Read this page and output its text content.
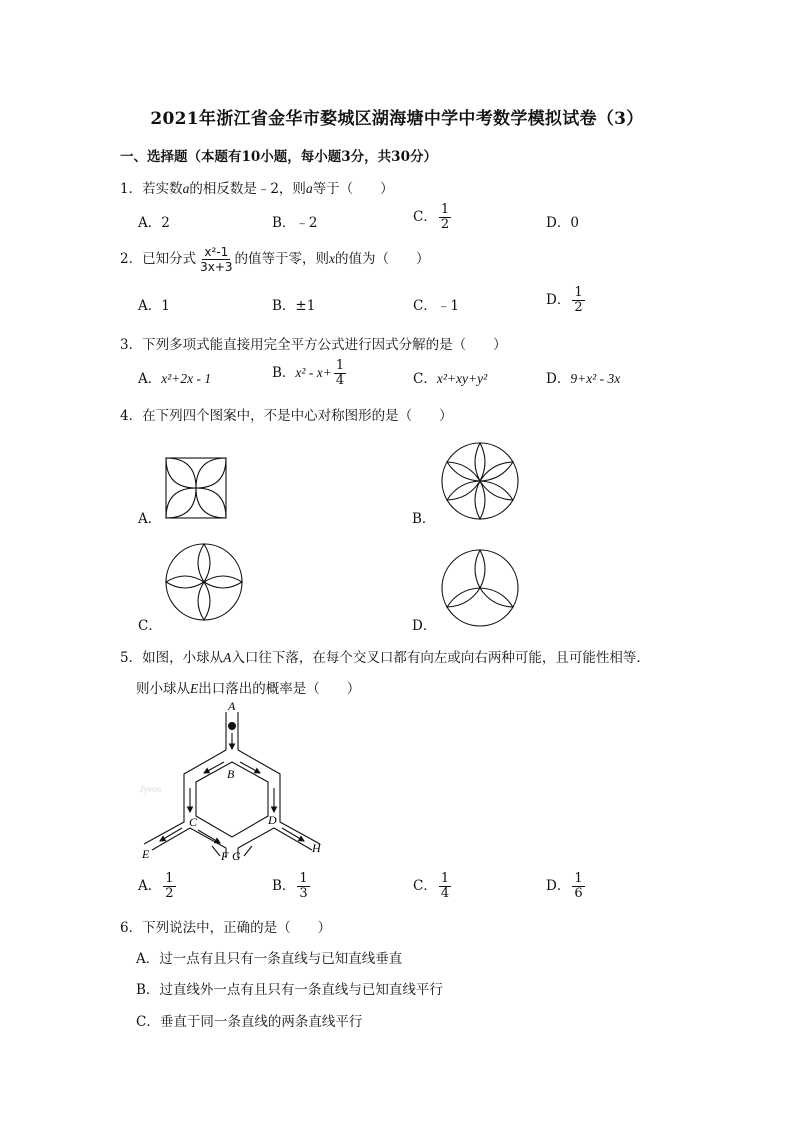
2021年浙江省金华市婺城区湖海塘中学中考数学模拟试卷（3）
一、选择题（本题有10小题，每小题3分，共30分）
1．若实数a的相反数是﹣2，则a等于（　　）
A．2	B．﹣2	C． $\frac{1}{2}$	D．0
2．已知分式 $\frac{\text{x²-1}}{3x+3}$ 的值等于零，则x的值为（　　）
A．1	B．±1	C．﹣1	D． $\frac{1}{2}$
3．下列多项式能直接用完全平方公式进行因式分解的是（　　）
A．x²+2x - 1	B．$x^2 - x+ \frac{1}{4}$	C．x²+xy+y²	D．9+x² - 3x
4．在下列四个图案中，不是中心对称图形的是（　　）
A．	B．
C．	D．
5．如图，小球从A入口往下落，在每个交叉口都有向左或向右两种可能，且可能性相等．
则小球从E出口落出的概率是（　　）
A
B
C	D
E	F G
H
Jyeoo
A． $\frac{1}{2}$	B． $\frac{1}{3}$	C． $\frac{1}{4}$	D． $\frac{1}{6}$
6．下列说法中，正确的是（　　）
A．过一点有且只有一条直线与已知直线垂直
B．过直线外一点有且只有一条直线与已知直线平行
C．垂直于同一条直线的两条直线平行
